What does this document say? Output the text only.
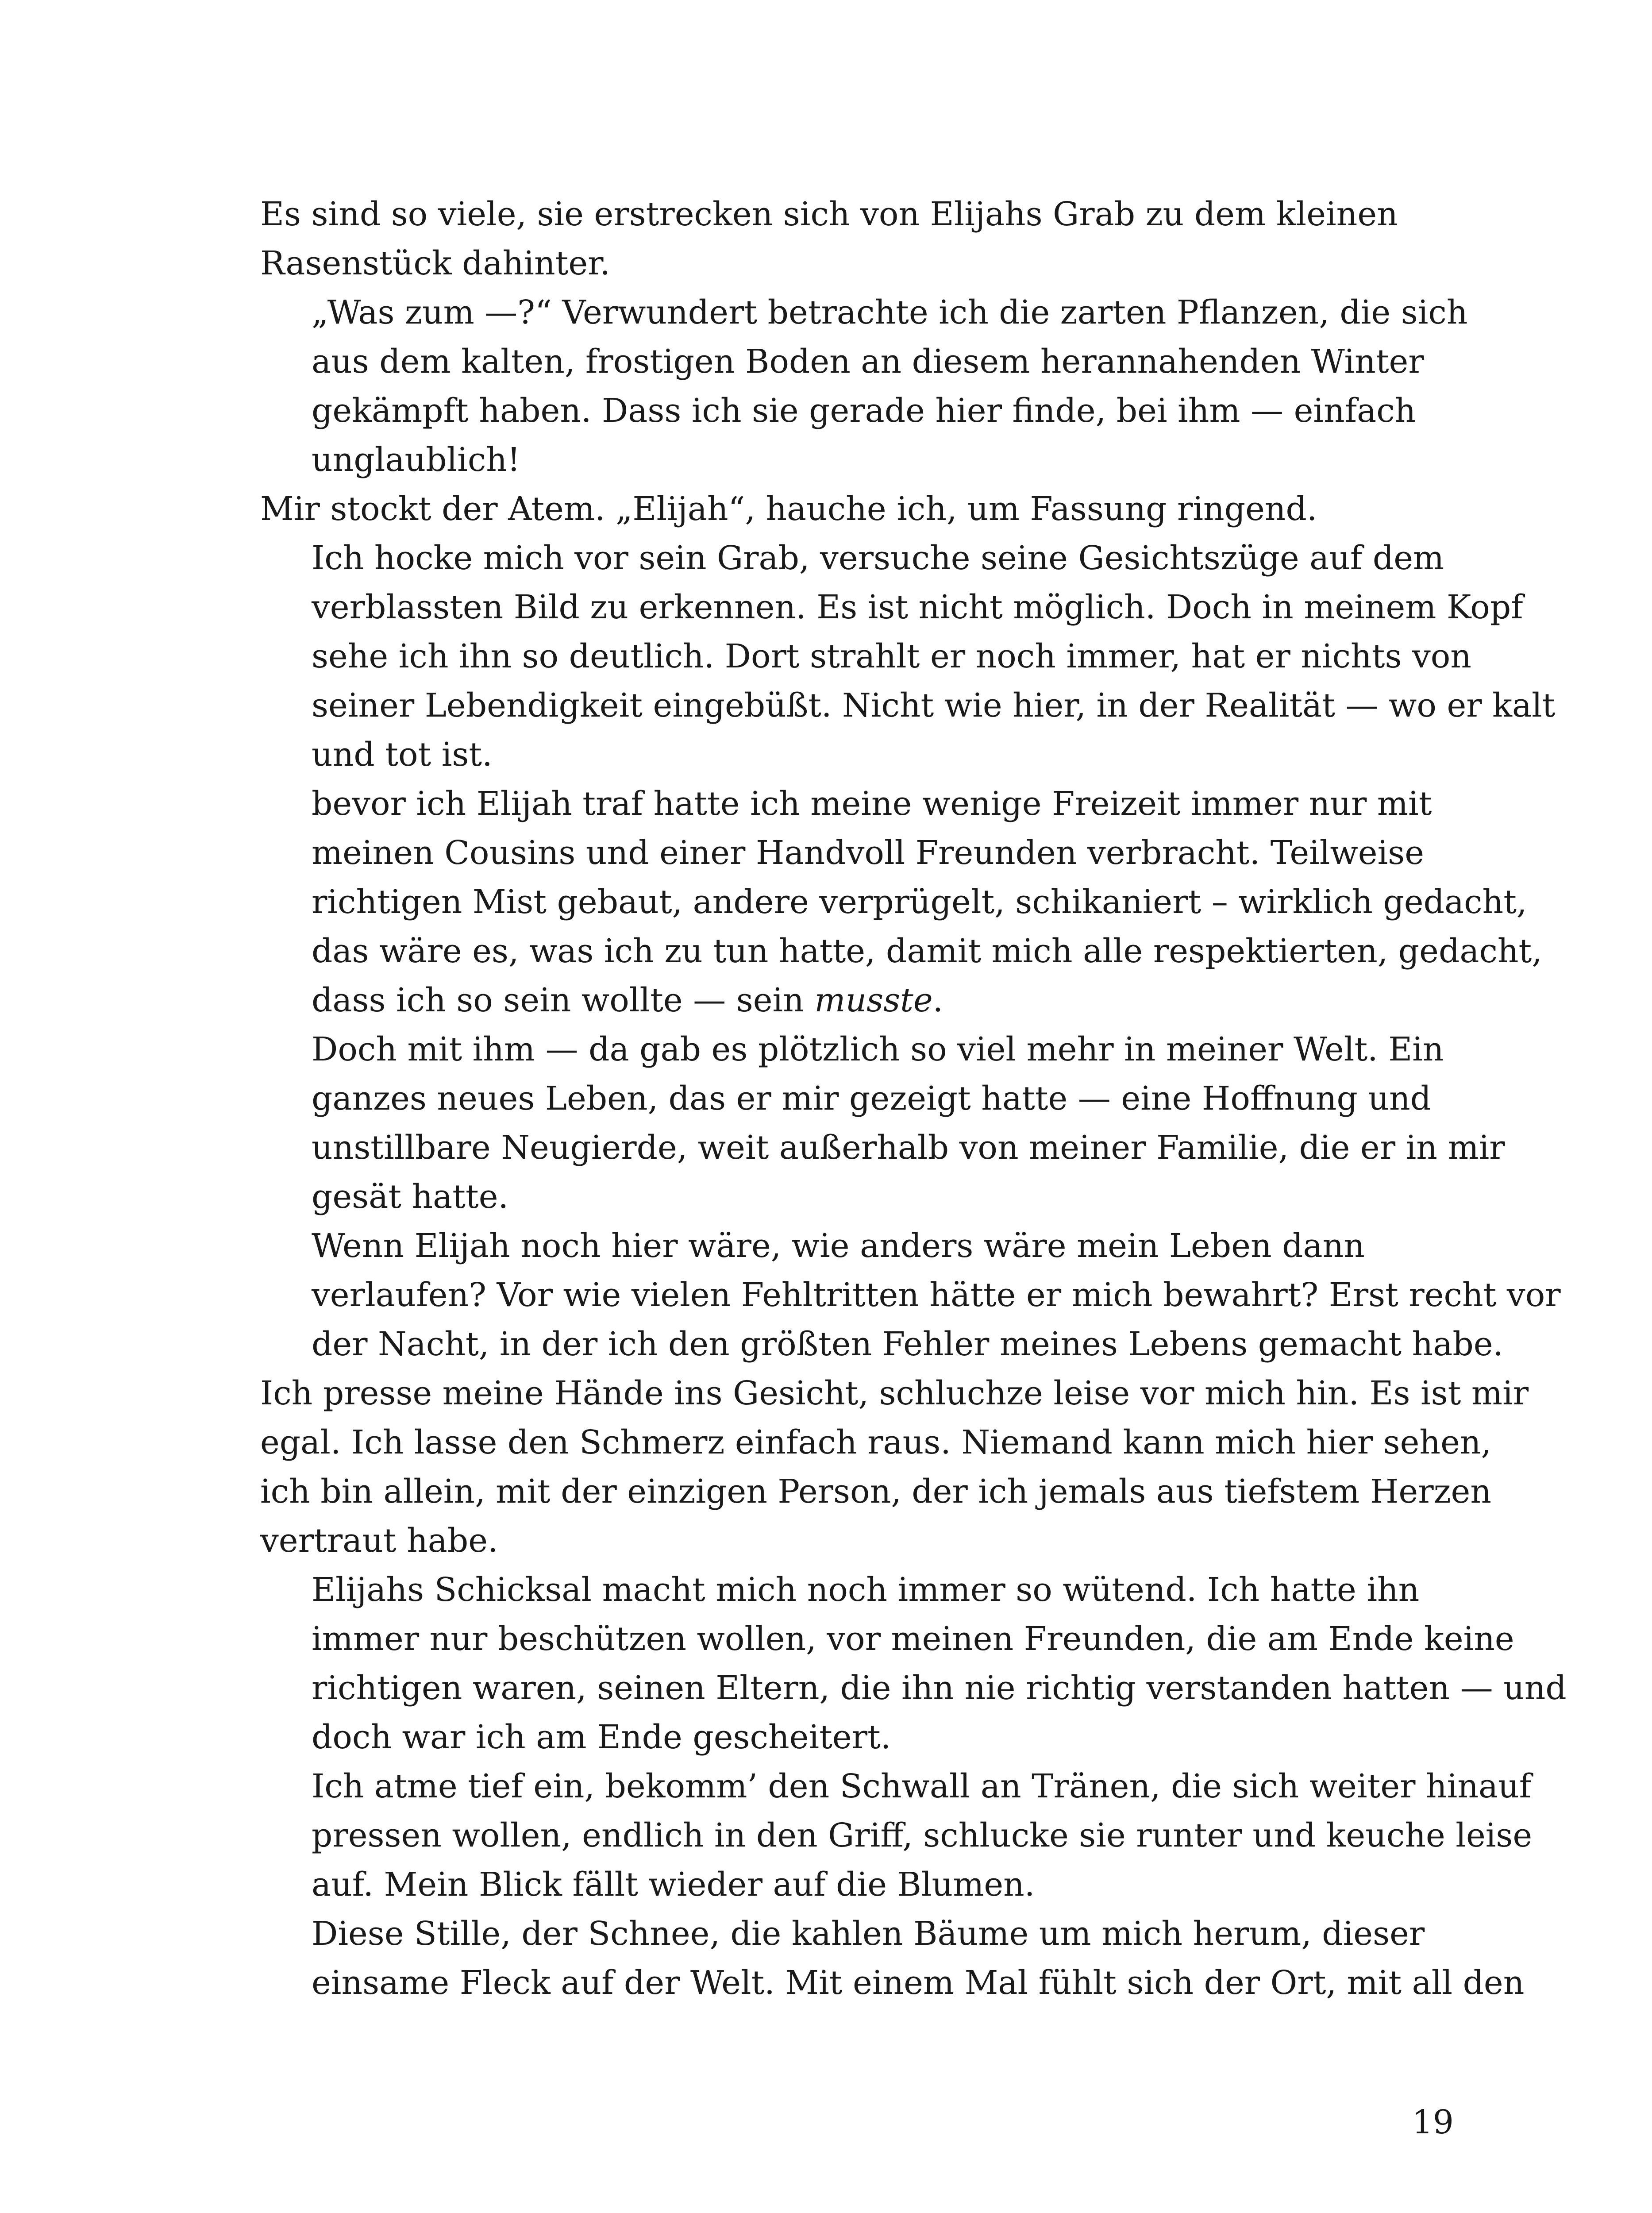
Es sind so viele, sie erstrecken sich von Elijahs Grab zu dem kleinen
Rasenstück dahinter.

„Was zum —?“ Verwundert betrachte ich die zarten Pflanzen, die sich
aus dem kalten, frostigen Boden an diesem herannahenden Winter
gekämpft haben. Dass ich sie gerade hier finde, bei ihm — einfach
unglaublich!

Mir stockt der Atem. „Elijah“, hauche ich, um Fassung ringend.

Ich hocke mich vor sein Grab, versuche seine Gesichtszüge auf dem
verblassten Bild zu erkennen. Es ist nicht möglich. Doch in meinem Kopf
sehe ich ihn so deutlich. Dort strahlt er noch immer, hat er nichts von
seiner Lebendigkeit eingebüßt. Nicht wie hier, in der Realität — wo er kalt
und tot ist.

bevor ich Elijah traf hatte ich meine wenige Freizeit immer nur mit
meinen Cousins und einer Handvoll Freunden verbracht. Teilweise
richtigen Mist gebaut, andere verprügelt, schikaniert – wirklich gedacht,
das wäre es, was ich zu tun hatte, damit mich alle respektierten, gedacht,
dass ich so sein wollte — sein musste.

Doch mit ihm — da gab es plötzlich so viel mehr in meiner Welt. Ein
ganzes neues Leben, das er mir gezeigt hatte — eine Hoffnung und
unstillbare Neugierde, weit außerhalb von meiner Familie, die er in mir
gesät hatte.

Wenn Elijah noch hier wäre, wie anders wäre mein Leben dann
verlaufen? Vor wie vielen Fehltritten hätte er mich bewahrt? Erst recht vor
der Nacht, in der ich den größten Fehler meines Lebens gemacht habe.

Ich presse meine Hände ins Gesicht, schluchze leise vor mich hin. Es ist mir
egal. Ich lasse den Schmerz einfach raus. Niemand kann mich hier sehen,
ich bin allein, mit der einzigen Person, der ich jemals aus tiefstem Herzen
vertraut habe.

Elijahs Schicksal macht mich noch immer so wütend. Ich hatte ihn
immer nur beschützen wollen, vor meinen Freunden, die am Ende keine
richtigen waren, seinen Eltern, die ihn nie richtig verstanden hatten — und
doch war ich am Ende gescheitert.

Ich atme tief ein, bekomm’ den Schwall an Tränen, die sich weiter hinauf
pressen wollen, endlich in den Griff, schlucke sie runter und keuche leise
auf. Mein Blick fällt wieder auf die Blumen.

Diese Stille, der Schnee, die kahlen Bäume um mich herum, dieser
einsame Fleck auf der Welt. Mit einem Mal fühlt sich der Ort, mit all den

19
